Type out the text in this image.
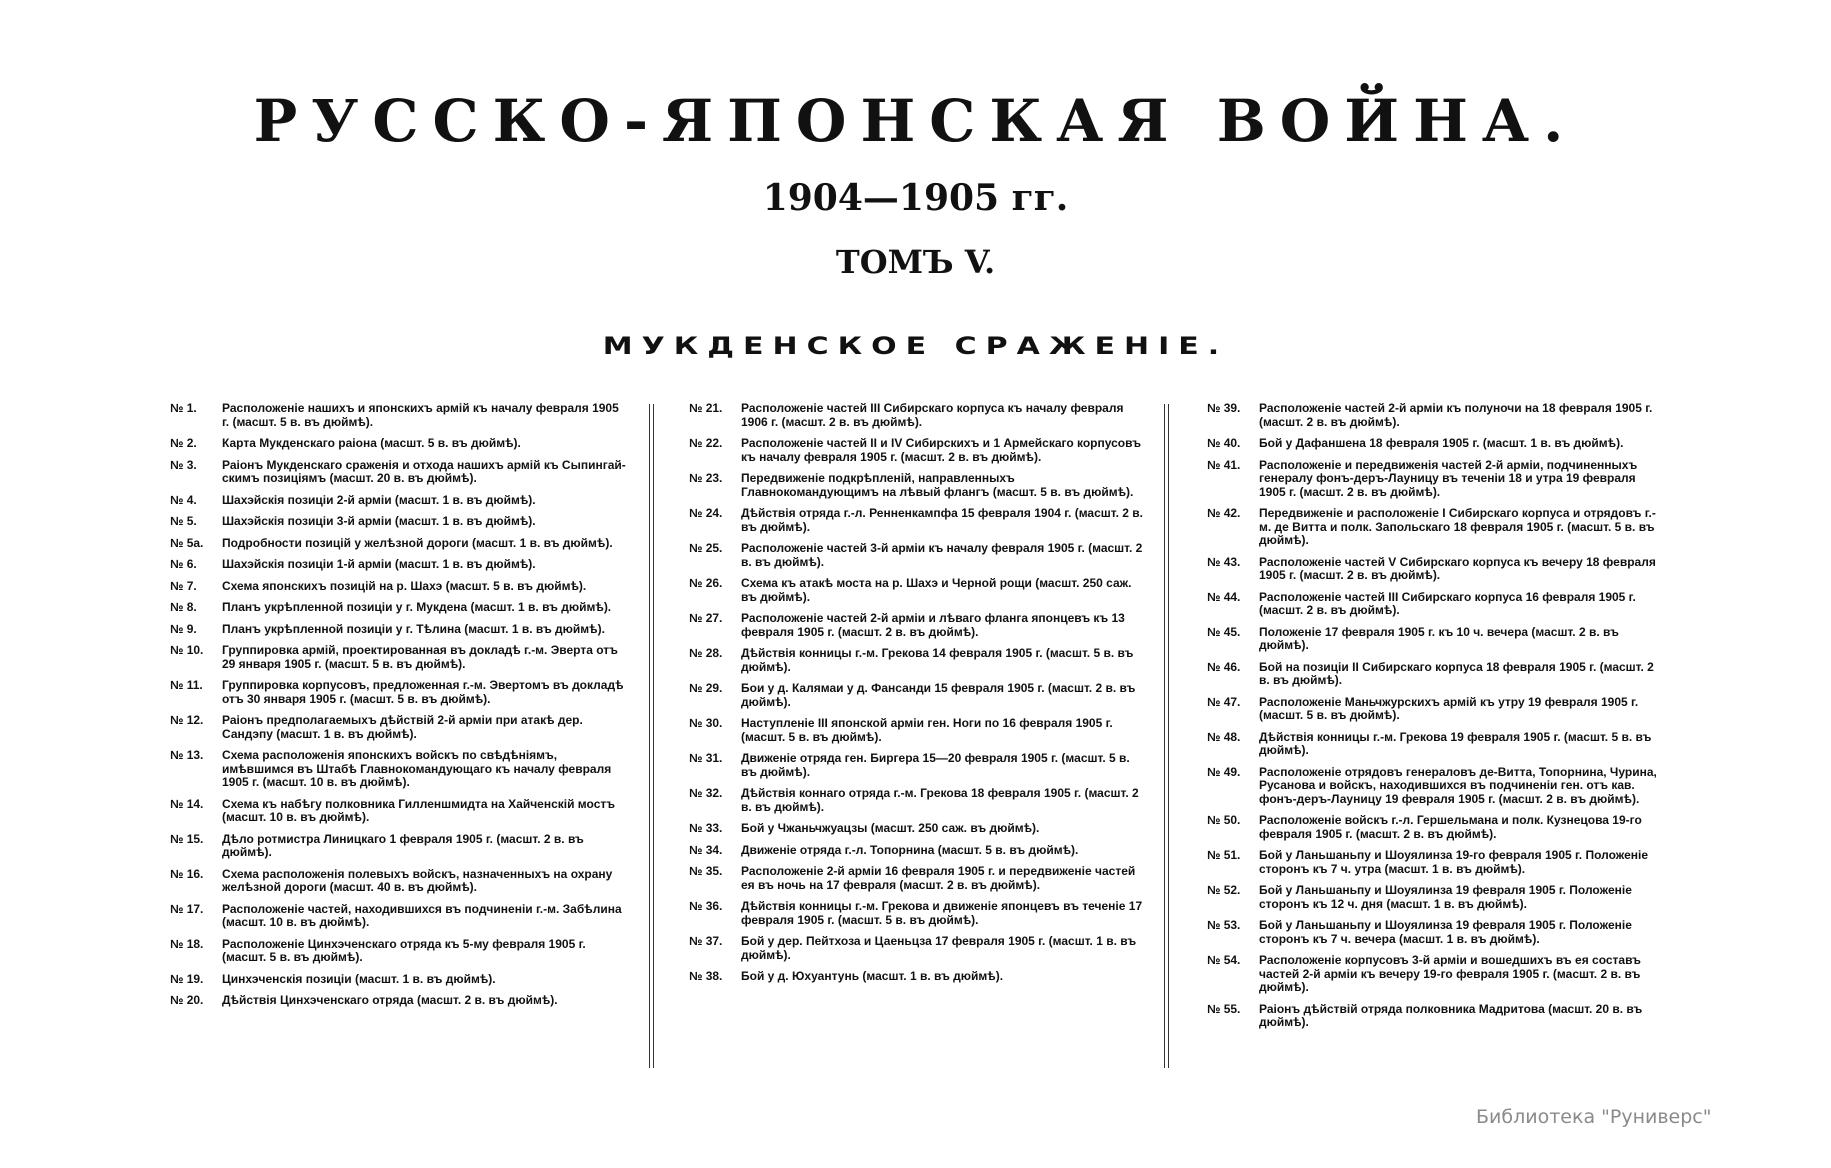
РУССКО-ЯПОНСКАЯ ВОЙНА.
1904—1905 гг.
ТОМЪ V.
МУКДЕНСКОЕ СРАЖЕНІЕ.
№ 1.	Расположеніе нашихъ и японскихъ армій къ началу февраля 1905 г. (масшт. 5 в. въ дюймѣ).
№ 2.	Карта Мукденскаго раіона (масшт. 5 в. въ дюймѣ).
№ 3.	Раіонъ Мукденскаго сраженія и отхода нашихъ армій къ Сыпингай-скимъ позиціямъ (масшт. 20 в. въ дюймѣ).
№ 4.	Шахэйскія позиціи 2-й арміи (масшт. 1 в. въ дюймѣ).
№ 5.	Шахэйскія позиціи 3-й арміи (масшт. 1 в. въ дюймѣ).
№ 5а.	Подробности позицій у желѣзной дороги (масшт. 1 в. въ дюймѣ).
№ 6.	Шахэйскія позиціи 1-й арміи (масшт. 1 в. въ дюймѣ).
№ 7.	Схема японскихъ позицій на р. Шахэ (масшт. 5 в. въ дюймѣ).
№ 8.	Планъ укрѣпленной позиціи у г. Мукдена (масшт. 1 в. въ дюймѣ).
№ 9.	Планъ укрѣпленной позиціи у г. Тѣлина (масшт. 1 в. въ дюймѣ).
№ 10.	Группировка армій, проектированная въ докладѣ г.-м. Эверта отъ 29 января 1905 г. (масшт. 5 в. въ дюймѣ).
№ 11.	Группировка корпусовъ, предложенная г.-м. Эвертомъ въ докладѣ отъ 30 января 1905 г. (масшт. 5 в. въ дюймѣ).
№ 12.	Раіонъ предполагаемыхъ дѣйствій 2-й арміи при атакѣ дер. Сандэпу (масшт. 1 в. въ дюймѣ).
№ 13.	Схема расположенія японскихъ войскъ по свѣдѣніямъ, имѣвшимся въ Штабѣ Главнокомандующаго къ началу февраля 1905 г. (масшт. 10 в. въ дюймѣ).
№ 14.	Схема къ набѣгу полковника Гилленшмидта на Хайченскій мостъ (масшт. 10 в. въ дюймѣ).
№ 15.	Дѣло ротмистра Линицкаго 1 февраля 1905 г. (масшт. 2 в. въ дюймѣ).
№ 16.	Схема расположенія полевыхъ войскъ, назначенныхъ на охрану желѣзной дороги (масшт. 40 в. въ дюймѣ).
№ 17.	Расположеніе частей, находившихся въ подчиненіи г.-м. Забѣлина (масшт. 10 в. въ дюймѣ).
№ 18.	Расположеніе Цинхэченскаго отряда къ 5-му февраля 1905 г. (масшт. 5 в. въ дюймѣ).
№ 19.	Цинхэченскія позиціи (масшт. 1 в. въ дюймѣ).
№ 20.	Дѣйствія Цинхэченскаго отряда (масшт. 2 в. въ дюймѣ).
№ 21.	Расположеніе частей III Сибирскаго корпуса къ началу февраля 1906 г. (масшт. 2 в. въ дюймѣ).
№ 22.	Расположеніе частей II и IV Сибирскихъ и 1 Армейскаго корпусовъ къ началу февраля 1905 г. (масшт. 2 в. въ дюймѣ).
№ 23.	Передвиженіе подкрѣпленій, направленныхъ Главнокомандующимъ на лѣвый флангъ (масшт. 5 в. въ дюймѣ).
№ 24.	Дѣйствія отряда г.-л. Ренненкампфа 15 февраля 1904 г. (масшт. 2 в. въ дюймѣ).
№ 25.	Расположеніе частей 3-й арміи къ началу февраля 1905 г. (масшт. 2 в. въ дюймѣ).
№ 26.	Схема къ атакѣ моста на р. Шахэ и Черной рощи (масшт. 250 саж. въ дюймѣ).
№ 27.	Расположеніе частей 2-й арміи и лѣваго фланга японцевъ къ 13 февраля 1905 г. (масшт. 2 в. въ дюймѣ).
№ 28.	Дѣйствія конницы г.-м. Грекова 14 февраля 1905 г. (масшт. 5 в. въ дюймѣ).
№ 29.	Бои у д. Калямаи у д. Фансанди 15 февраля 1905 г. (масшт. 2 в. въ дюймѣ).
№ 30.	Наступленіе III японской арміи ген. Ноги по 16 февраля 1905 г. (масшт. 5 в. въ дюймѣ).
№ 31.	Движеніе отряда ген. Биргера 15—20 февраля 1905 г. (масшт. 5 в. въ дюймѣ).
№ 32.	Дѣйствія коннаго отряда г.-м. Грекова 18 февраля 1905 г. (масшт. 2 в. въ дюймѣ).
№ 33.	Бой у Чжаньчжуацзы (масшт. 250 саж. въ дюймѣ).
№ 34.	Движеніе отряда г.-л. Топорнина (масшт. 5 в. въ дюймѣ).
№ 35.	Расположеніе 2-й арміи 16 февраля 1905 г. и передвиженіе частей ея въ ночь на 17 февраля (масшт. 2 в. въ дюймѣ).
№ 36.	Дѣйствія конницы г.-м. Грекова и движеніе японцевъ въ теченіе 17 февраля 1905 г. (масшт. 5 в. въ дюймѣ).
№ 37.	Бой у дер. Пейтхоза и Цаеньцза 17 февраля 1905 г. (масшт. 1 в. въ дюймѣ).
№ 38.	Бой у д. Юхуантунь (масшт. 1 в. въ дюймѣ).
№ 39.	Расположеніе частей 2-й арміи къ полуночи на 18 февраля 1905 г. (масшт. 2 в. въ дюймѣ).
№ 40.	Бой у Дафаншена 18 февраля 1905 г. (масшт. 1 в. въ дюймѣ).
№ 41.	Расположеніе и передвиженія частей 2-й арміи, подчиненныхъ генералу фонъ-деръ-Лауницу въ теченіи 18 и утра 19 февраля 1905 г. (масшт. 2 в. въ дюймѣ).
№ 42.	Передвиженіе и расположеніе I Сибирскаго корпуса и отрядовъ г.-м. де Витта и полк. Запольскаго 18 февраля 1905 г. (масшт. 5 в. въ дюймѣ).
№ 43.	Расположеніе частей V Сибирскаго корпуса къ вечеру 18 февраля 1905 г. (масшт. 2 в. въ дюймѣ).
№ 44.	Расположеніе частей III Сибирскаго корпуса 16 февраля 1905 г. (масшт. 2 в. въ дюймѣ).
№ 45.	Положеніе 17 февраля 1905 г. къ 10 ч. вечера (масшт. 2 в. въ дюймѣ).
№ 46.	Бой на позиціи II Сибирскаго корпуса 18 февраля 1905 г. (масшт. 2 в. въ дюймѣ).
№ 47.	Расположеніе Маньчжурскихъ армій къ утру 19 февраля 1905 г. (масшт. 5 в. въ дюймѣ).
№ 48.	Дѣйствія конницы г.-м. Грекова 19 февраля 1905 г. (масшт. 5 в. въ дюймѣ).
№ 49.	Расположеніе отрядовъ генераловъ де-Витта, Топорнина, Чурина, Русанова и войскъ, находившихся въ подчиненіи ген. отъ кав. фонъ-деръ-Лауницу 19 февраля 1905 г. (масшт. 2 в. въ дюймѣ).
№ 50.	Расположеніе войскъ г.-л. Гершельмана и полк. Кузнецова 19-го февраля 1905 г. (масшт. 2 в. въ дюймѣ).
№ 51.	Бой у Ланьшаньпу и Шоуялинза 19-го февраля 1905 г. Положеніе сторонъ къ 7 ч. утра (масшт. 1 в. въ дюймѣ).
№ 52.	Бой у Ланьшаньпу и Шоуялинза 19 февраля 1905 г. Положеніе сторонъ къ 12 ч. дня (масшт. 1 в. въ дюймѣ).
№ 53.	Бой у Ланьшаньпу и Шоуялинза 19 февраля 1905 г. Положеніе сторонъ къ 7 ч. вечера (масшт. 1 в. въ дюймѣ).
№ 54.	Расположеніе корпусовъ 3-й арміи и вошедшихъ въ ея составъ частей 2-й арміи къ вечеру 19-го февраля 1905 г. (масшт. 2 в. въ дюймѣ).
№ 55.	Раіонъ дѣйствій отряда полковника Мадритова (масшт. 20 в. въ дюймѣ).
Библиотека "Руниверс"
